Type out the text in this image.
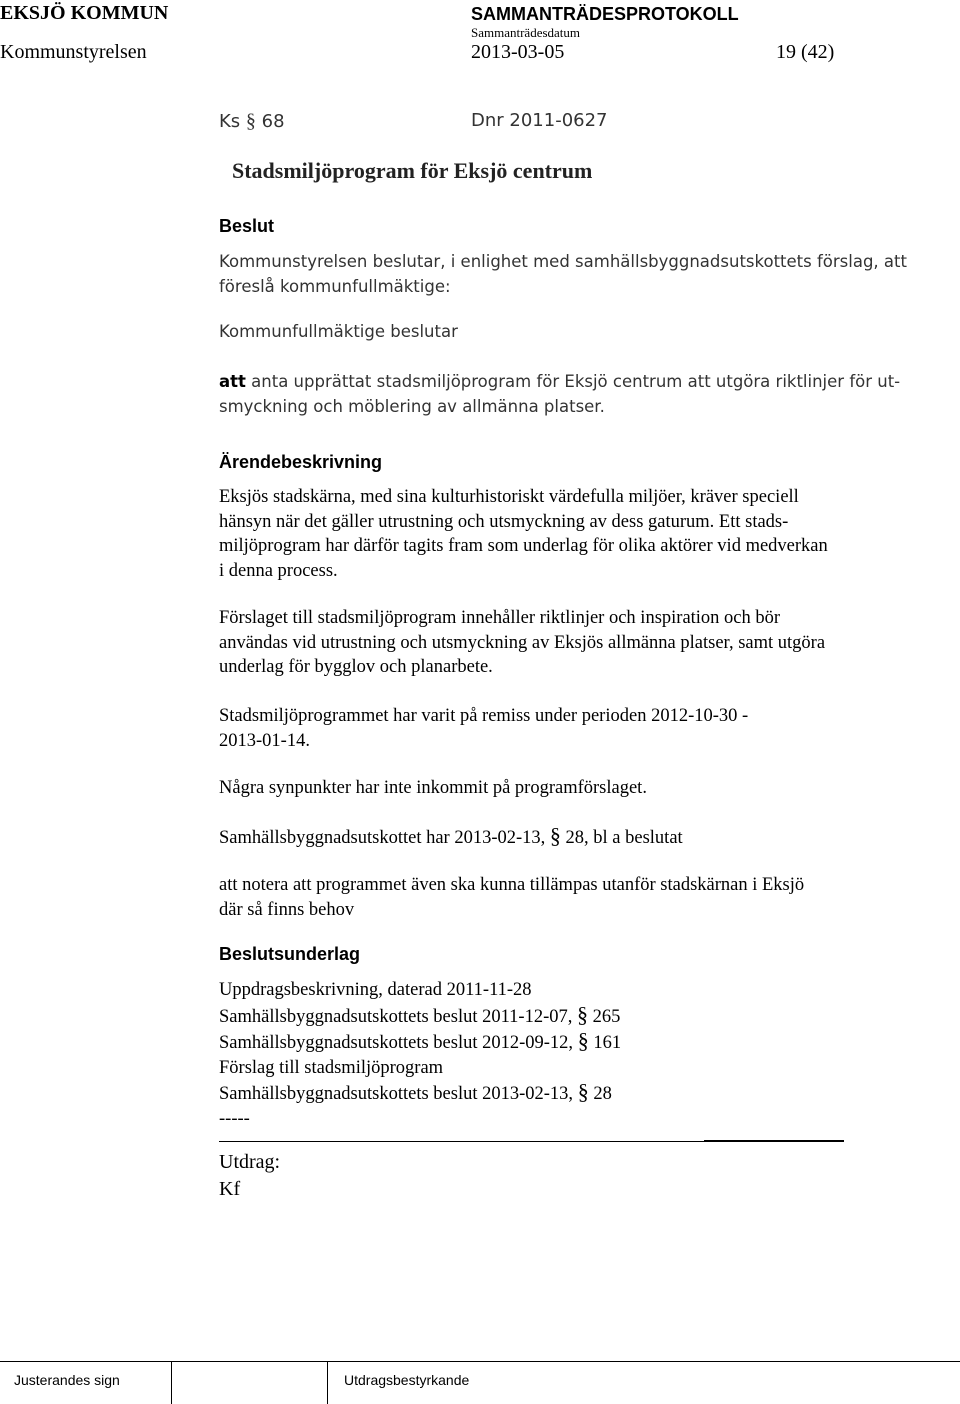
EKSJÖ KOMMUN	SAMMANTRÄDESPROTOKOLL
Sammanträdesdatum
Kommunstyrelsen	2013-03-05	19 (42)
Ks § 68	Dnr 2011-0627
Stadsmiljöprogram för Eksjö centrum
Beslut
Kommunstyrelsen beslutar, i enlighet med samhällsbyggnadsutskottets förslag, att
föreslå kommunfullmäktige:
Kommunfullmäktige beslutar
att anta upprättat stadsmiljöprogram för Eksjö centrum att utgöra riktlinjer för ut-
smyckning och möblering av allmänna platser.
Ärendebeskrivning
Eksjös stadskärna, med sina kulturhistoriskt värdefulla miljöer, kräver speciell
hänsyn när det gäller utrustning och utsmyckning av dess gaturum. Ett stads-
miljöprogram har därför tagits fram som underlag för olika aktörer vid medverkan
i denna process.
Förslaget till stadsmiljöprogram innehåller riktlinjer och inspiration och bör
användas vid utrustning och utsmyckning av Eksjös allmänna platser, samt utgöra
underlag för bygglov och planarbete.
Stadsmiljöprogrammet har varit på remiss under perioden 2012-10-30 -
2013-01-14.
Några synpunkter har inte inkommit på programförslaget.
Samhällsbyggnadsutskottet har 2013-02-13, § 28, bl a beslutat
att notera att programmet även ska kunna tillämpas utanför stadskärnan i Eksjö
där så finns behov
Beslutsunderlag
Uppdragsbeskrivning, daterad 2011-11-28
Samhällsbyggnadsutskottets beslut 2011-12-07, § 265
Samhällsbyggnadsutskottets beslut 2012-09-12, § 161
Förslag till stadsmiljöprogram
Samhällsbyggnadsutskottets beslut 2013-02-13, § 28
-----
Utdrag:
Kf
Justerandes sign	Utdragsbestyrkande
